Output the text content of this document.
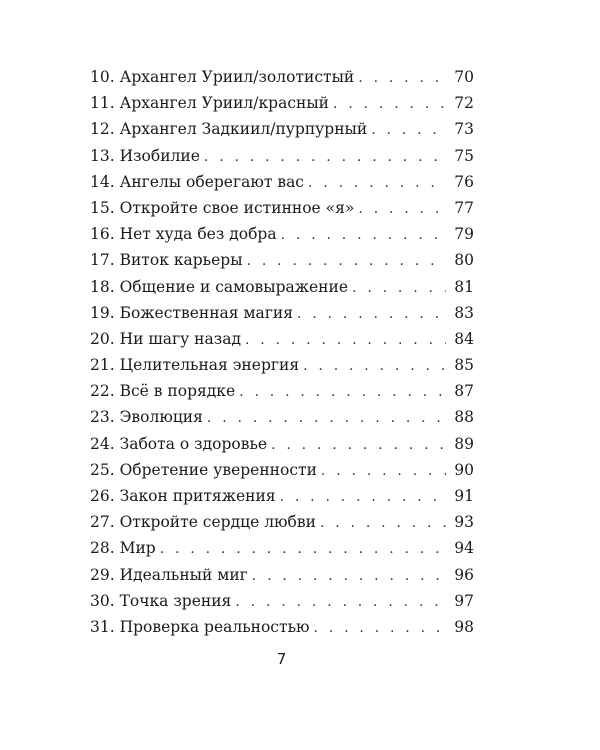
10. Архангел Уриил/золотистый . . .	70
11. Архангел Уриил/красный . . .	72
12. Архангел Задкиил/пурпурный . . .	73
13. Изобилие . . .	75
14. Ангелы оберегают вас . . .	76
15. Откройте свое истинное «я» . . .	77
16. Нет худа без добра . . .	79
17. Виток карьеры . . .	80
18. Общение и самовыражение . . .	81
19. Божественная магия . . .	83
20. Ни шагу назад . . .	84
21. Целительная энергия . . .	85
22. Всё в порядке . . .	87
23. Эволюция . . .	88
24. Забота о здоровье . . .	89
25. Обретение уверенности . . .	90
26. Закон притяжения . . .	91
27. Откройте сердце любви . . .	93
28. Мир . . .	94
29. Идеальный миг . . .	96
30. Точка зрения . . .	97
31. Проверка реальностью . . .	98
7
